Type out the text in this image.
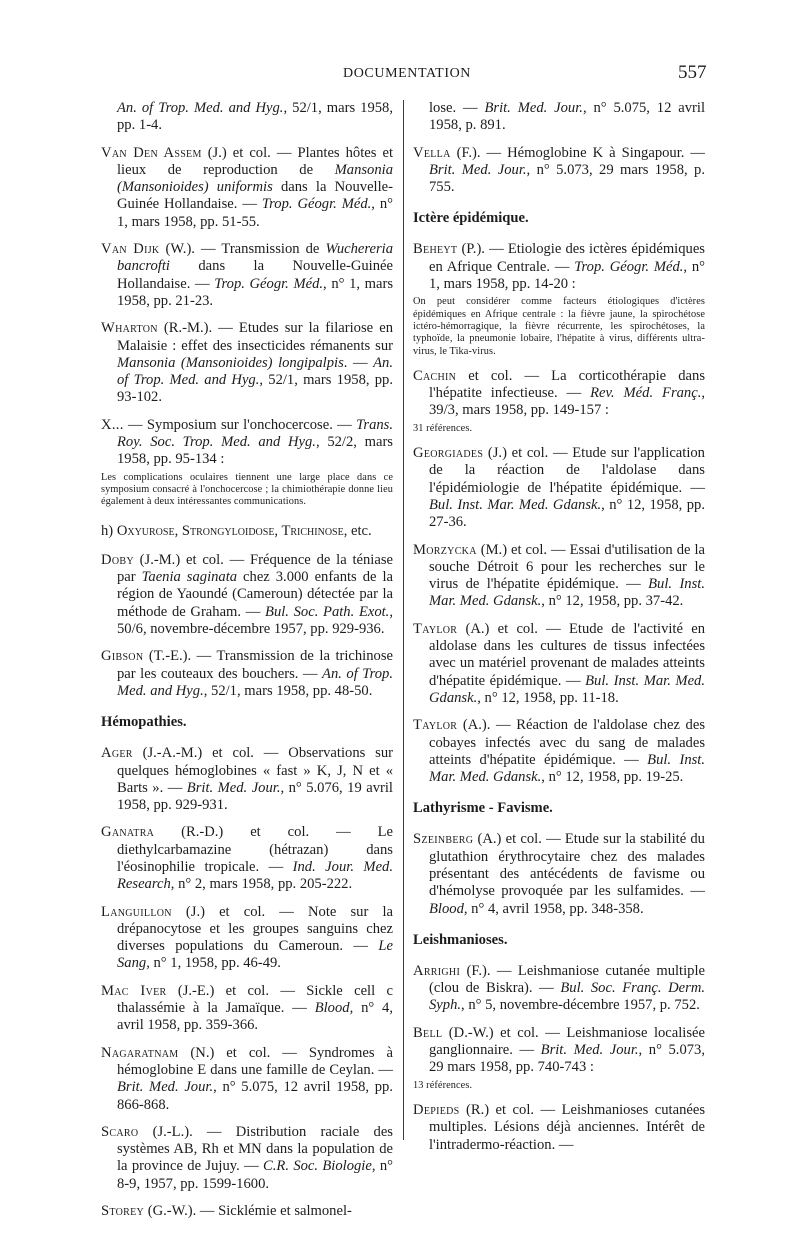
DOCUMENTATION	557

An. of Trop. Med. and Hyg., 52/1, mars 1958, pp. 1-4.

Van Den Assem (J.) et col. — Plantes hôtes et lieux de reproduction de Mansonia (Mansonioides) uniformis dans la Nouvelle-Guinée Hollandaise. — Trop. Géogr. Méd., n° 1, mars 1958, pp. 51-55.

Van Dijk (W.). — Transmission de Wuchereria bancrofti dans la Nouvelle-Guinée Hollandaise. — Trop. Géogr. Méd., n° 1, mars 1958, pp. 21-23.

Wharton (R.-M.). — Etudes sur la filariose en Malaisie : effet des insecticides rémanents sur Mansonia (Mansonioides) longipalpis. — An. of Trop. Med. and Hyg., 52/1, mars 1958, pp. 93-102.

X... — Symposium sur l'onchocercose. — Trans. Roy. Soc. Trop. Med. and Hyg., 52/2, mars 1958, pp. 95-134 :
Les complications oculaires tiennent une large place dans ce symposium consacré à l'onchocercose ; la chimiothérapie donne lieu également à deux intéressantes communications.

h) Oxyurose, Strongyloidose, Trichinose, etc.

Doby (J.-M.) et col. — Fréquence de la téniase par Taenia saginata chez 3.000 enfants de la région de Yaoundé (Cameroun) détectée par la méthode de Graham. — Bul. Soc. Path. Exot., 50/6, novembre-décembre 1957, pp. 929-936.

Gibson (T.-E.). — Transmission de la trichinose par les couteaux des bouchers. — An. of Trop. Med. and Hyg., 52/1, mars 1958, pp. 48-50.

Hémopathies.

Ager (J.-A.-M.) et col. — Observations sur quelques hémoglobines « fast » K, J, N et « Barts ». — Brit. Med. Jour., n° 5.076, 19 avril 1958, pp. 929-931.

Ganatra (R.-D.) et col. — Le diethylcarbamazine (hétrazan) dans l'éosinophilie tropicale. — Ind. Jour. Med. Research, n° 2, mars 1958, pp. 205-222.

Languillon (J.) et col. — Note sur la drépanocytose et les groupes sanguins chez diverses populations du Cameroun. — Le Sang, n° 1, 1958, pp. 46-49.

Mac Iver (J.-E.) et col. — Sickle cell c thalassémie à la Jamaïque. — Blood, n° 4, avril 1958, pp. 359-366.

Nagaratnam (N.) et col. — Syndromes à hémoglobine E dans une famille de Ceylan. — Brit. Med. Jour., n° 5.075, 12 avril 1958, pp. 866-868.

Scaro (J.-L.). — Distribution raciale des systèmes AB, Rh et MN dans la population de la province de Jujuy. — C.R. Soc. Biologie, n° 8-9, 1957, pp. 1599-1600.

Storey (G.-W.). — Sicklémie et salmonel-

lose. — Brit. Med. Jour., n° 5.075, 12 avril 1958, p. 891.

Vella (F.). — Hémoglobine K à Singapour. — Brit. Med. Jour., n° 5.073, 29 mars 1958, p. 755.

Ictère épidémique.

Beheyt (P.). — Etiologie des ictères épidémiques en Afrique Centrale. — Trop. Géogr. Méd., n° 1, mars 1958, pp. 14-20 :
On peut considérer comme facteurs étiologiques d'ictères épidémiques en Afrique centrale : la fièvre jaune, la spirochétose ictéro-hémorragique, la fièvre récurrente, les spirochétoses, la typhoïde, la pneumonie lobaire, l'hépatite à virus, différents ultra-virus, le Tika-virus.

Cachin et col. — La corticothérapie dans l'hépatite infectieuse. — Rev. Méd. Franç., 39/3, mars 1958, pp. 149-157 :
31 références.

Georgiades (J.) et col. — Etude sur l'application de la réaction de l'aldolase dans l'épidémiologie de l'hépatite épidémique. — Bul. Inst. Mar. Med. Gdansk., n° 12, 1958, pp. 27-36.

Morzycka (M.) et col. — Essai d'utilisation de la souche Détroit 6 pour les recherches sur le virus de l'hépatite épidémique. — Bul. Inst. Mar. Med. Gdansk., n° 12, 1958, pp. 37-42.

Taylor (A.) et col. — Etude de l'activité en aldolase dans les cultures de tissus infectées avec un matériel provenant de malades atteints d'hépatite épidémique. — Bul. Inst. Mar. Med. Gdansk., n° 12, 1958, pp. 11-18.

Taylor (A.). — Réaction de l'aldolase chez des cobayes infectés avec du sang de malades atteints d'hépatite épidémique. — Bul. Inst. Mar. Med. Gdansk., n° 12, 1958, pp. 19-25.

Lathyrisme - Favisme.

Szeinberg (A.) et col. — Etude sur la stabilité du glutathion érythrocytaire chez des malades présentant des antécédents de favisme ou d'hémolyse provoquée par les sulfamides. — Blood, n° 4, avril 1958, pp. 348-358.

Leishmanioses.

Arrighi (F.). — Leishmaniose cutanée multiple (clou de Biskra). — Bul. Soc. Franç. Derm. Syph., n° 5, novembre-décembre 1957, p. 752.

Bell (D.-W.) et col. — Leishmaniose localisée ganglionnaire. — Brit. Med. Jour., n° 5.073, 29 mars 1958, pp. 740-743 :
13 références.

Depieds (R.) et col. — Leishmanioses cutanées multiples. Lésions déjà anciennes. Intérêt de l'intradermo-réaction. —
